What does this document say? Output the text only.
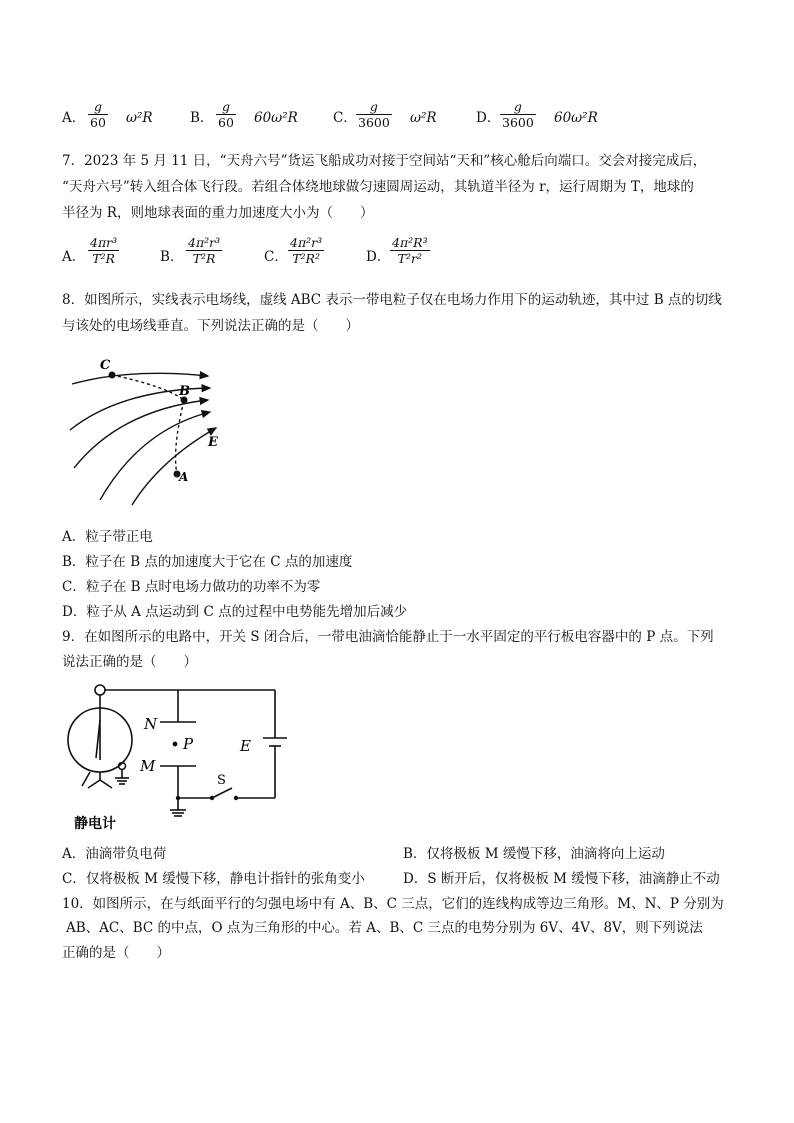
A． $\frac{g}{60} \omega^2R$	B． $\frac{g}{60} 60\omega^2R$	C． $\frac{g}{3600} \omega^2R$	D． $\frac{g}{3600} 60\omega^2R$
7．2023 年 5 月 11 日，“天舟六号”货运飞船成功对接于空间站“天和”核心舱后向端口。交会对接完成后，
“天舟六号”转入组合体飞行段。若组合体绕地球做匀速圆周运动，其轨道半径为 r，运行周期为 T，地球的
半径为 R，则地球表面的重力加速度大小为（　　）
A． $\frac{\text{4πr³}}{\text{T²R}}$	B． $\frac{\text{4π²r³}}{\text{T²R}}$	C． $\frac{\text{4π²r³}}{\text{T²R²}}$	D． $\frac{\text{4π²R³}}{\text{T²r²}}$
8．如图所示，实线表示电场线，虚线 ABC 表示一带电粒子仅在电场力作用下的运动轨迹，其中过 B 点的切线
与该处的电场线垂直。下列说法正确的是（　　）
C
B
A
E
A．粒子带正电
B．粒子在 B 点的加速度大于它在 C 点的加速度
C．粒子在 B 点时电场力做功的功率不为零
D．粒子从 A 点运动到 C 点的过程中电势能先增加后减少
9．在如图所示的电路中，开关 S 闭合后，一带电油滴恰能静止于一水平固定的平行板电容器中的 P 点。下列
说法正确的是（　　）
N
P
M
E
S
静电计
A．油滴带负电荷	B．仅将极板 M 缓慢下移，油滴将向上运动
C．仅将极板 M 缓慢下移，静电计指针的张角变小	D．S 断开后，仅将极板 M 缓慢下移，油滴静止不动
10．如图所示，在与纸面平行的匀强电场中有 A、B、C 三点，它们的连线构成等边三角形。M、N、P 分别为
AB、AC、BC 的中点，O 点为三角形的中心。若 A、B、C 三点的电势分别为 6V、4V、8V，则下列说法
正确的是（　　）
